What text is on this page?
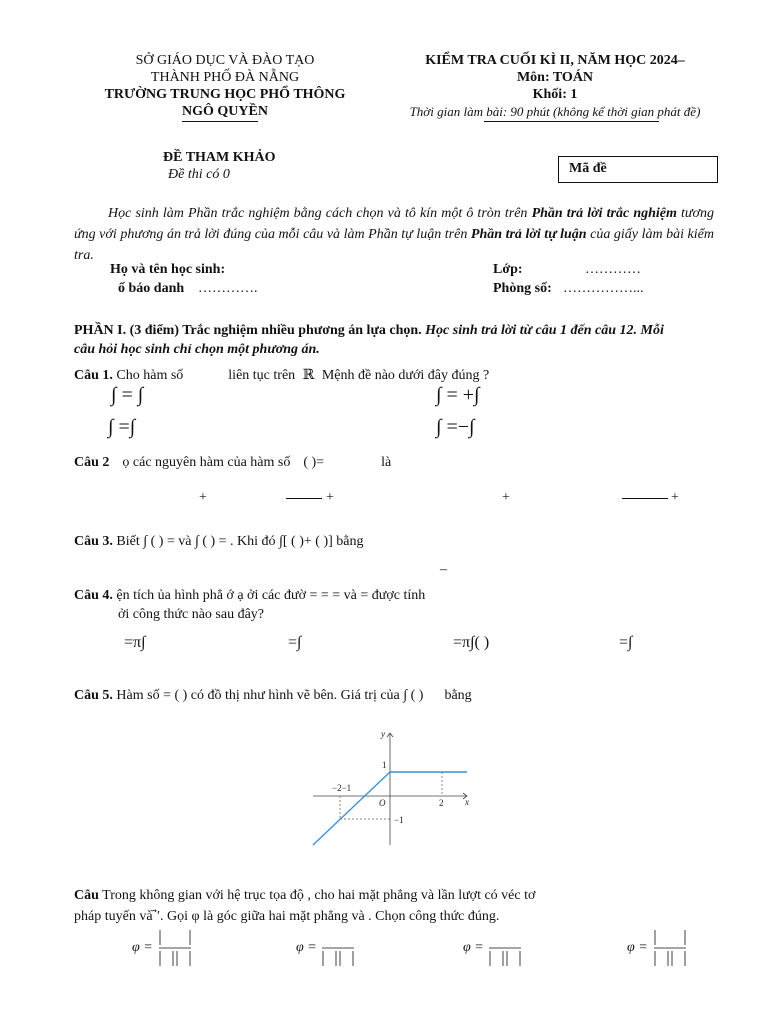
SỞ GIÁO DỤC VÀ ĐÀO TẠO
THÀNH PHỐ ĐÀ NẴNG
TRƯỜNG TRUNG HỌC PHỔ THÔNG
NGÔ QUYỀN
KIỂM TRA CUỐI KÌ II, NĂM HỌC 2024–
Môn: TOÁN
Khối: 1
Thời gian làm bài: 90 phút (không kể thời gian phát đề)
ĐỀ THAM KHẢO
Đề thi có 0	Mã đề
Học sinh làm Phần trắc nghiệm bằng cách chọn và tô kín một ô tròn trên Phần trả lời trắc nghiệm tương ứng với phương án trả lời đúng của mỗi câu và làm Phần tự luận trên Phần trả lời tự luận của giấy làm bài kiểm tra.
Họ và tên học sinh:	Lớp:	…………
ố báo danh ………….	Phòng số: ……………...
PHẦN I. (3 điểm) Trắc nghiệm nhiều phương án lựa chọn. Học sinh trả lời từ câu 1 đến câu 12. Mỗi
câu hỏi học sinh chỉ chọn một phương án.
Câu 1. Cho hàm số	liên tục trên ℝ Mệnh đề nào dưới đây đúng ?
∫ = ∫	∫ = +∫
∫ =∫	∫ =−∫
Câu 2 ọ các nguyên hàm của hàm số ( )=	là
+	+	+	+
Câu 3. Biết ∫ ( ) = và ∫ ( ) = . Khi đó ∫[ ( )+ ( )] bằng
–
Câu 4. ện tích ủa hình phẳ ớ ạ ởi các đườ = = = và = được tính
ởi công thức nào sau đây?
=π∫	=∫	=π∫( )	=∫
Câu 5. Hàm số = ( ) có đồ thị như hình vẽ bên. Giá trị của ∫ ( ) bằng
y
x
O
−2−1
2
1
−1
Câu Trong không gian với hệ trục tọa độ , cho hai mặt phẳng và lần lượt có véc tơ
pháp tuyến và ⃗′. Gọi φ là góc giữa hai mặt phẳng và . Chọn công thức đúng.
φ =	φ =	φ =	φ =
